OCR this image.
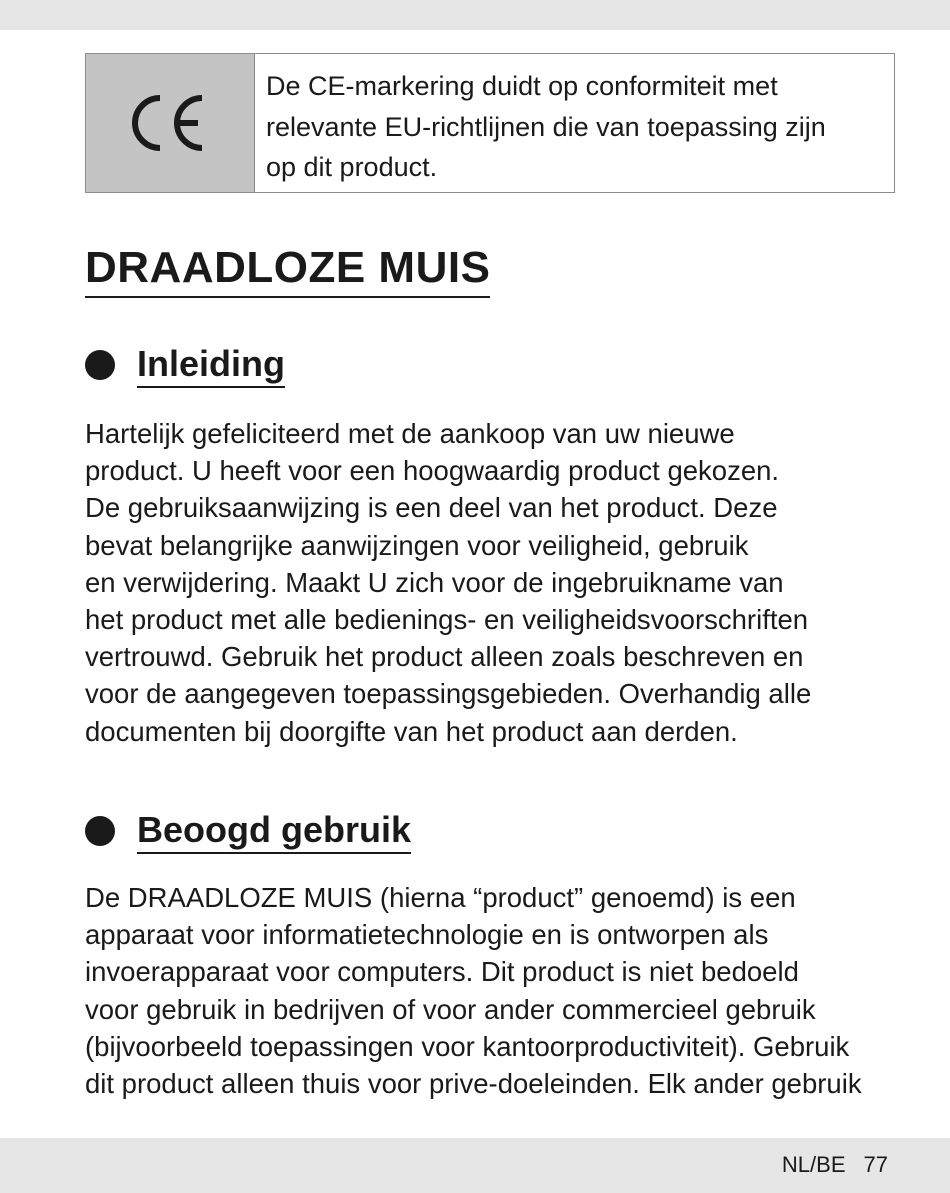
De CE-markering duidt op conformiteit met
relevante EU-richtlijnen die van toepassing zijn
op dit product.

DRAADLOZE MUIS
Inleiding

Hartelijk gefeliciteerd met de aankoop van uw nieuwe
product. U heeft voor een hoogwaardig product gekozen.
De gebruiksaanwijzing is een deel van het product. Deze
bevat belangrijke aanwijzingen voor veiligheid, gebruik
en verwijdering. Maakt U zich voor de ingebruikname van
het product met alle bedienings- en veiligheidsvoorschriften
vertrouwd. Gebruik het product alleen zoals beschreven en
voor de aangegeven toepassingsgebieden. Overhandig alle
documenten bij doorgifte van het product aan derden.

Beoogd gebruik

De DRAADLOZE MUIS (hierna “product” genoemd) is een
apparaat voor informatietechnologie en is ontworpen als
invoerapparaat voor computers. Dit product is niet bedoeld
voor gebruik in bedrijven of voor ander commercieel gebruik
(bijvoorbeeld toepassingen voor kantoorproductiviteit). Gebruik
dit product alleen thuis voor prive-doeleinden. Elk ander gebruik

NL/BE 77
